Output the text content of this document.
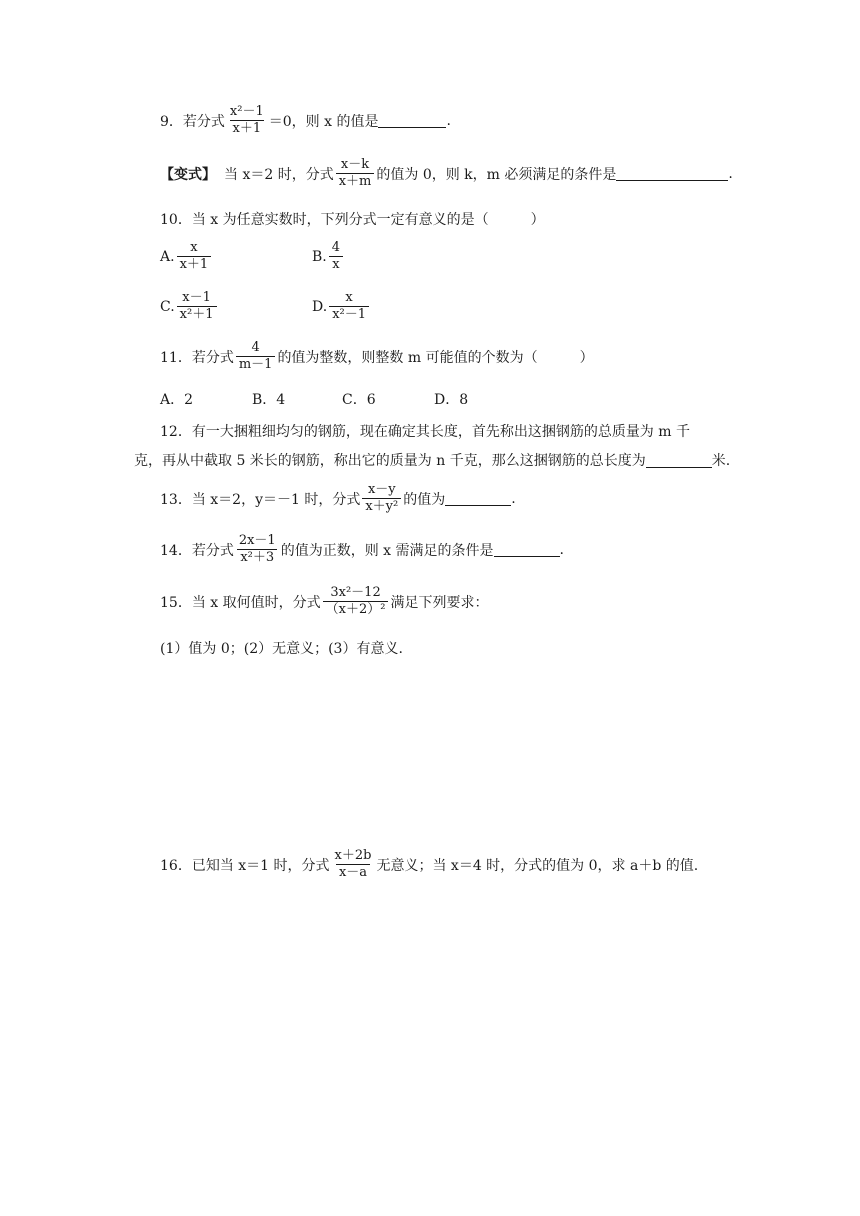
9．若分式 $\frac{\text{x²－1}}{x+1} =0$，则 x 的值是	.
【变式】 当 x＝2 时，分式 $\frac{x-k}{x+m}$ 的值为 0，则 k，m 必须满足的条件是	.
10．当 x 为任意实数时，下列分式一定有意义的是（　　　）
A. $\frac{x}{x+1}$	B. $\frac{4}{x}$
C. $\frac{x-1}{\text{x²＋1}}$	D. $\frac{x}{\text{x²－1}}$
11．若分式 $\frac{4}{m-1}$ 的值为整数，则整数 m 可能值的个数为（　　　）
A．2	B．4	C．6	D．8
12．有一大捆粗细均匀的钢筋，现在确定其长度，首先称出这捆钢筋的总质量为 m 千
克，再从中截取 5 米长的钢筋，称出它的质量为 n 千克，那么这捆钢筋的总长度为	米.
13．当 x＝2，y＝－1 时，分式 $\frac{x-y}{\text{x＋y²}}$ 的值为	.
14．若分式 $\frac{2x-1}{\text{x²＋3}}$ 的值为正数，则 x 需满足的条件是	.
15．当 x 取何值时，分式 $\frac{\text{3x²－12}}{\text{（x＋2）²}}$ 满足下列要求：
(1）值为 0；(2）无意义；(3）有意义.
16．已知当 x＝1 时，分式 $\frac{x+2b}{x-a}$ 无意义；当 x＝4 时，分式的值为 0，求 a＋b 的值.
